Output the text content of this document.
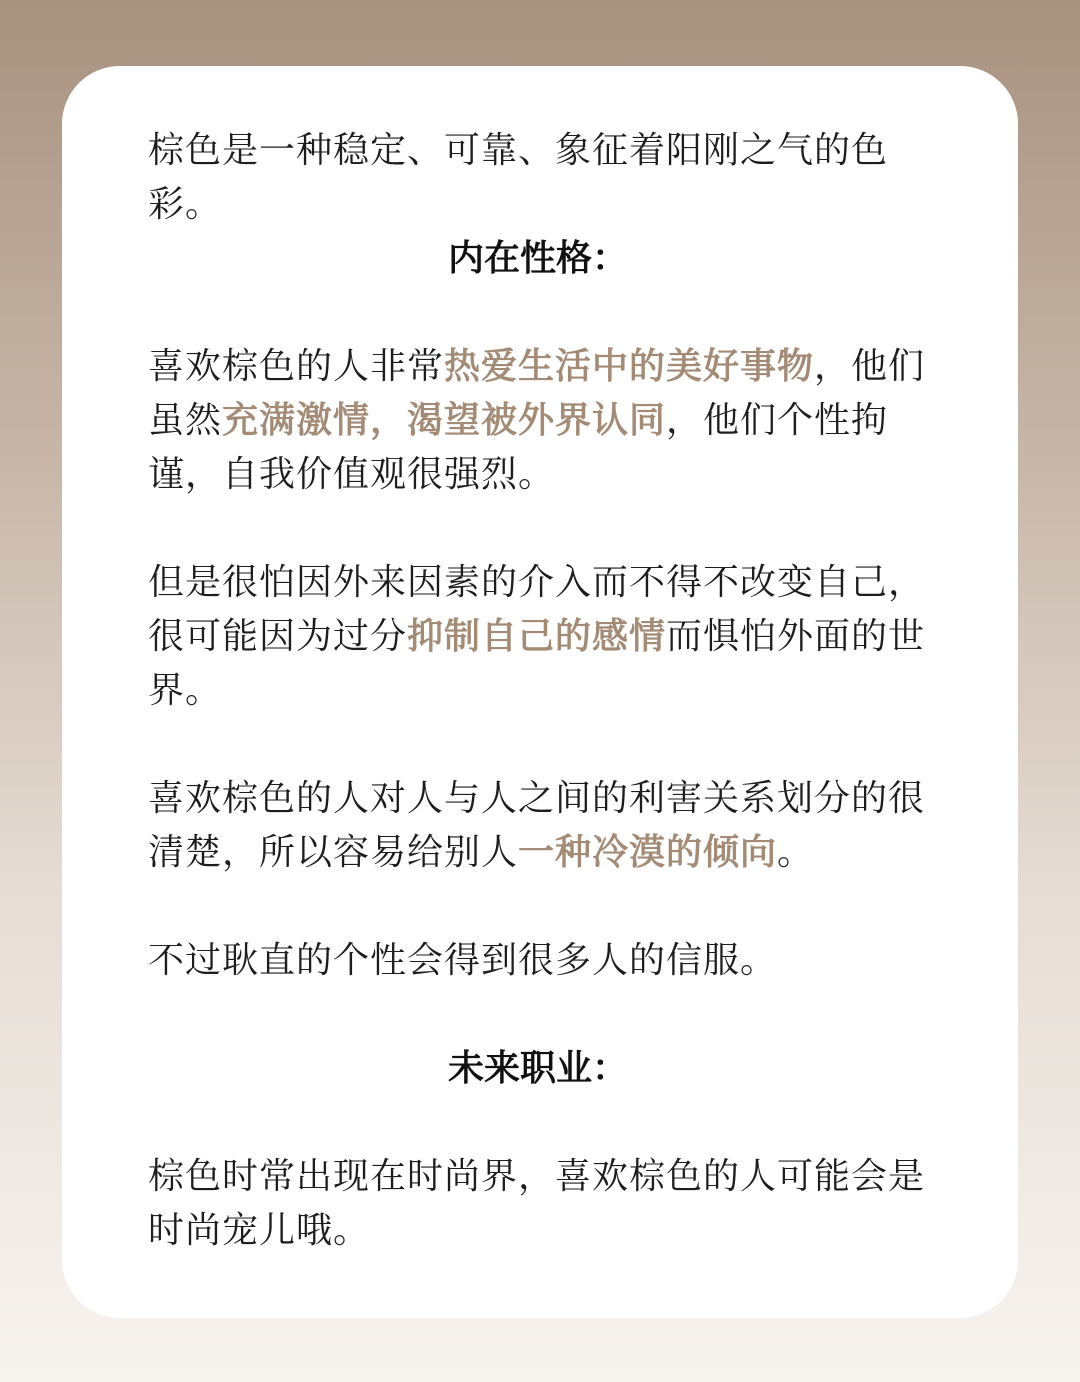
棕色是一种稳定、可靠、象征着阳刚之气的色彩。

内在性格：

喜欢棕色的人非常热爱生活中的美好事物，他们虽然充满激情，渴望被外界认同，他们个性拘谨，自我价值观很强烈。

但是很怕因外来因素的介入而不得不改变自己，很可能因为过分抑制自己的感情而惧怕外面的世界。

喜欢棕色的人对人与人之间的利害关系划分的很清楚，所以容易给别人一种冷漠的倾向。

不过耿直的个性会得到很多人的信服。

未来职业：

棕色时常出现在时尚界，喜欢棕色的人可能会是时尚宠儿哦。
